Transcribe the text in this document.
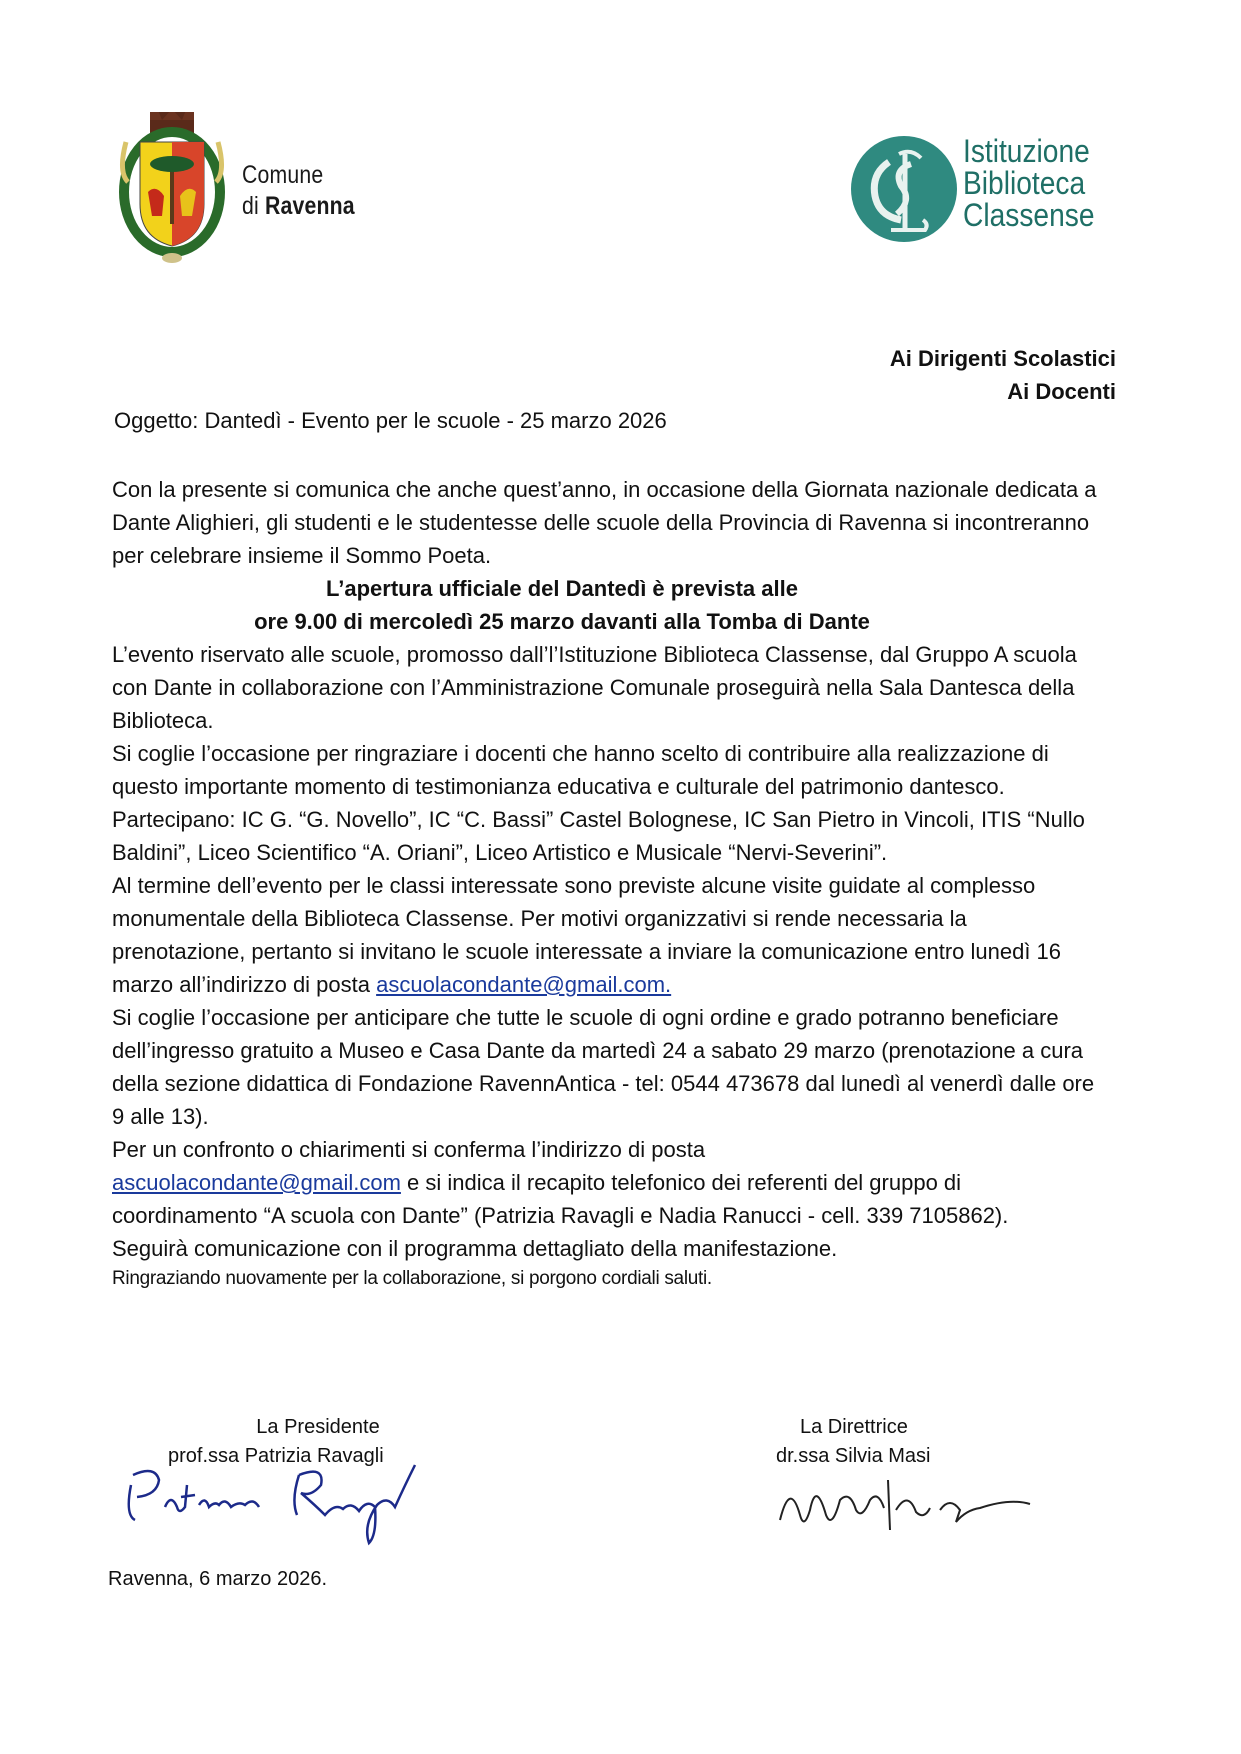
Comune
di Ravenna
Istituzione
Biblioteca
Classense
Ai Dirigenti Scolastici
Ai Docenti
Oggetto: Dantedì - Evento per le scuole - 25 marzo 2026

Con la presente si comunica che anche quest’anno, in occasione della Giornata nazionale dedicata a Dante Alighieri, gli studenti e le studentesse delle scuole della Provincia di Ravenna si incontreranno per celebrare insieme il Sommo Poeta.

L’apertura ufficiale del Dantedì è prevista alle

ore 9.00 di mercoledì 25 marzo davanti alla Tomba di Dante

L’evento riservato alle scuole, promosso dall’l’Istituzione Biblioteca Classense, dal Gruppo A scuola con Dante in collaborazione con l’Amministrazione Comunale proseguirà nella Sala Dantesca della Biblioteca.

Si coglie l’occasione per ringraziare i docenti che hanno scelto di contribuire alla realizzazione di questo importante momento di testimonianza educativa e culturale del patrimonio dantesco.

Partecipano: IC G. “G. Novello”, IC “C. Bassi” Castel Bolognese, IC San Pietro in Vincoli, ITIS “Nullo Baldini”, Liceo Scientifico “A. Oriani”, Liceo Artistico e Musicale “Nervi-Severini”.

Al termine dell’evento per le classi interessate sono previste alcune visite guidate al complesso monumentale della Biblioteca Classense. Per motivi organizzativi si rende necessaria la prenotazione, pertanto si invitano le scuole interessate a inviare la comunicazione entro lunedì 16 marzo all’indirizzo di posta ascuolacondante@gmail.com.

Si coglie l’occasione per anticipare che tutte le scuole di ogni ordine e grado potranno beneficiare dell’ingresso gratuito a Museo e Casa Dante da martedì 24 a sabato 29 marzo (prenotazione a cura della sezione didattica di Fondazione RavennAntica - tel: 0544 473678 dal lunedì al venerdì dalle ore 9 alle 13).

Per un confronto o chiarimenti si conferma l’indirizzo di posta
ascuolacondante@gmail.com e si indica il recapito telefonico dei referenti del gruppo di coordinamento “A scuola con Dante” (Patrizia Ravagli e Nadia Ranucci - cell. 339 7105862).

Seguirà comunicazione con il programma dettagliato della manifestazione.

Ringraziando nuovamente per la collaborazione, si porgono cordiali saluti.

La Presidente
prof.ssa Patrizia Ravagli
La Direttrice
dr.ssa Silvia Masi
Ravenna, 6 marzo 2026.
